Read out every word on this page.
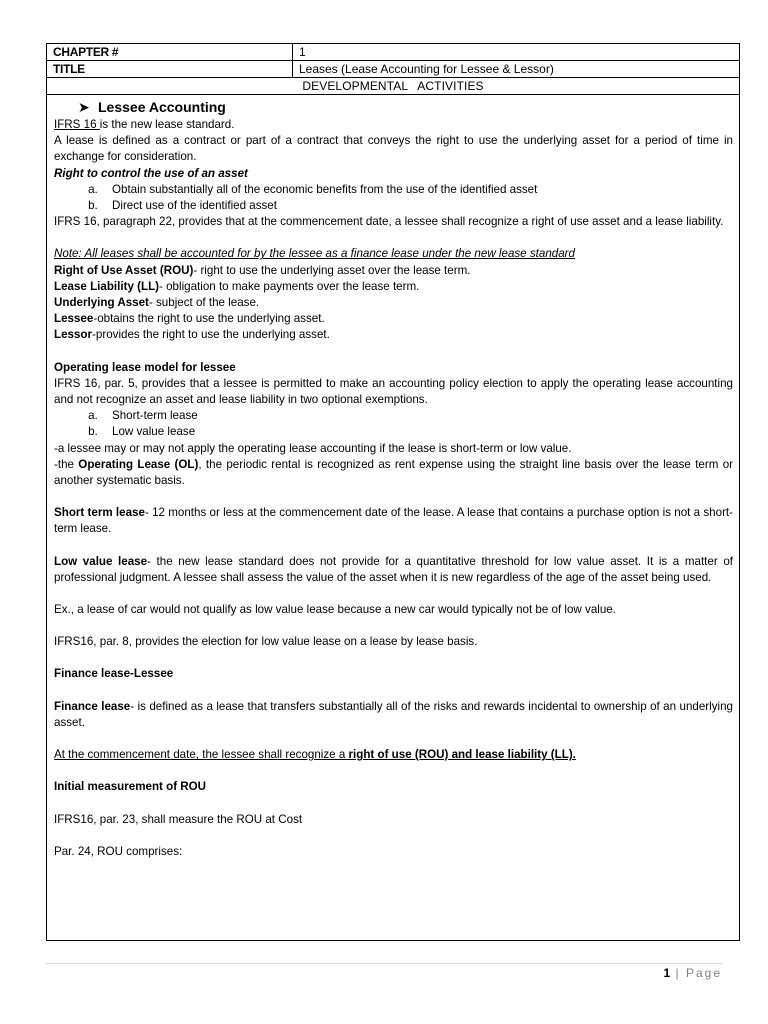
CHAPTER #	1
TITLE	Leases (Lease Accounting for Lessee & Lessor)
DEVELOPMENTAL   ACTIVITIES	

➤ Lessee Accounting

IFRS 16 is the new lease standard.

A lease is defined as a contract or part of a contract that conveys the right to use the underlying asset for a period of time in exchange for consideration.

Right to control the use of an asset

a. Obtain substantially all of the economic benefits from the use of the identified asset
b. Direct use of the identified asset

IFRS 16, paragraph 22, provides that at the commencement date, a lessee shall recognize a right of use asset and a lease liability.

Note: All leases shall be accounted for by the lessee as a finance lease under the new lease standard

Right of Use Asset (ROU)- right to use the underlying asset over the lease term.

Lease Liability (LL)- obligation to make payments over the lease term.

Underlying Asset- subject of the lease.

Lessee-obtains the right to use the underlying asset.

Lessor-provides the right to use the underlying asset.

Operating lease model for lessee

IFRS 16, par. 5, provides that a lessee is permitted to make an accounting policy election to apply the operating lease accounting and not recognize an asset and lease liability in two optional exemptions.

a. Short-term lease
b. Low value lease

-a lessee may or may not apply the operating lease accounting if the lease is short-term or low value.

-the Operating Lease (OL), the periodic rental is recognized as rent expense using the straight line basis over the lease term or another systematic basis.

Short term lease- 12 months or less at the commencement date of the lease. A lease that contains a purchase option is not a short-term lease.

Low value lease- the new lease standard does not provide for a quantitative threshold for low value asset. It is a matter of professional judgment. A lessee shall assess the value of the asset when it is new regardless of the age of the asset being used.

Ex., a lease of car would not qualify as low value lease because a new car would typically not be of low value.

IFRS16, par. 8, provides the election for low value lease on a lease by lease basis.

Finance lease-Lessee

Finance lease- is defined as a lease that transfers substantially all of the risks and rewards incidental to ownership of an underlying asset.

At the commencement date, the lessee shall recognize a right of use (ROU) and lease liability (LL).

Initial measurement of ROU

IFRS16, par. 23, shall measure the ROU at Cost

Par. 24, ROU comprises:

1 | Page
